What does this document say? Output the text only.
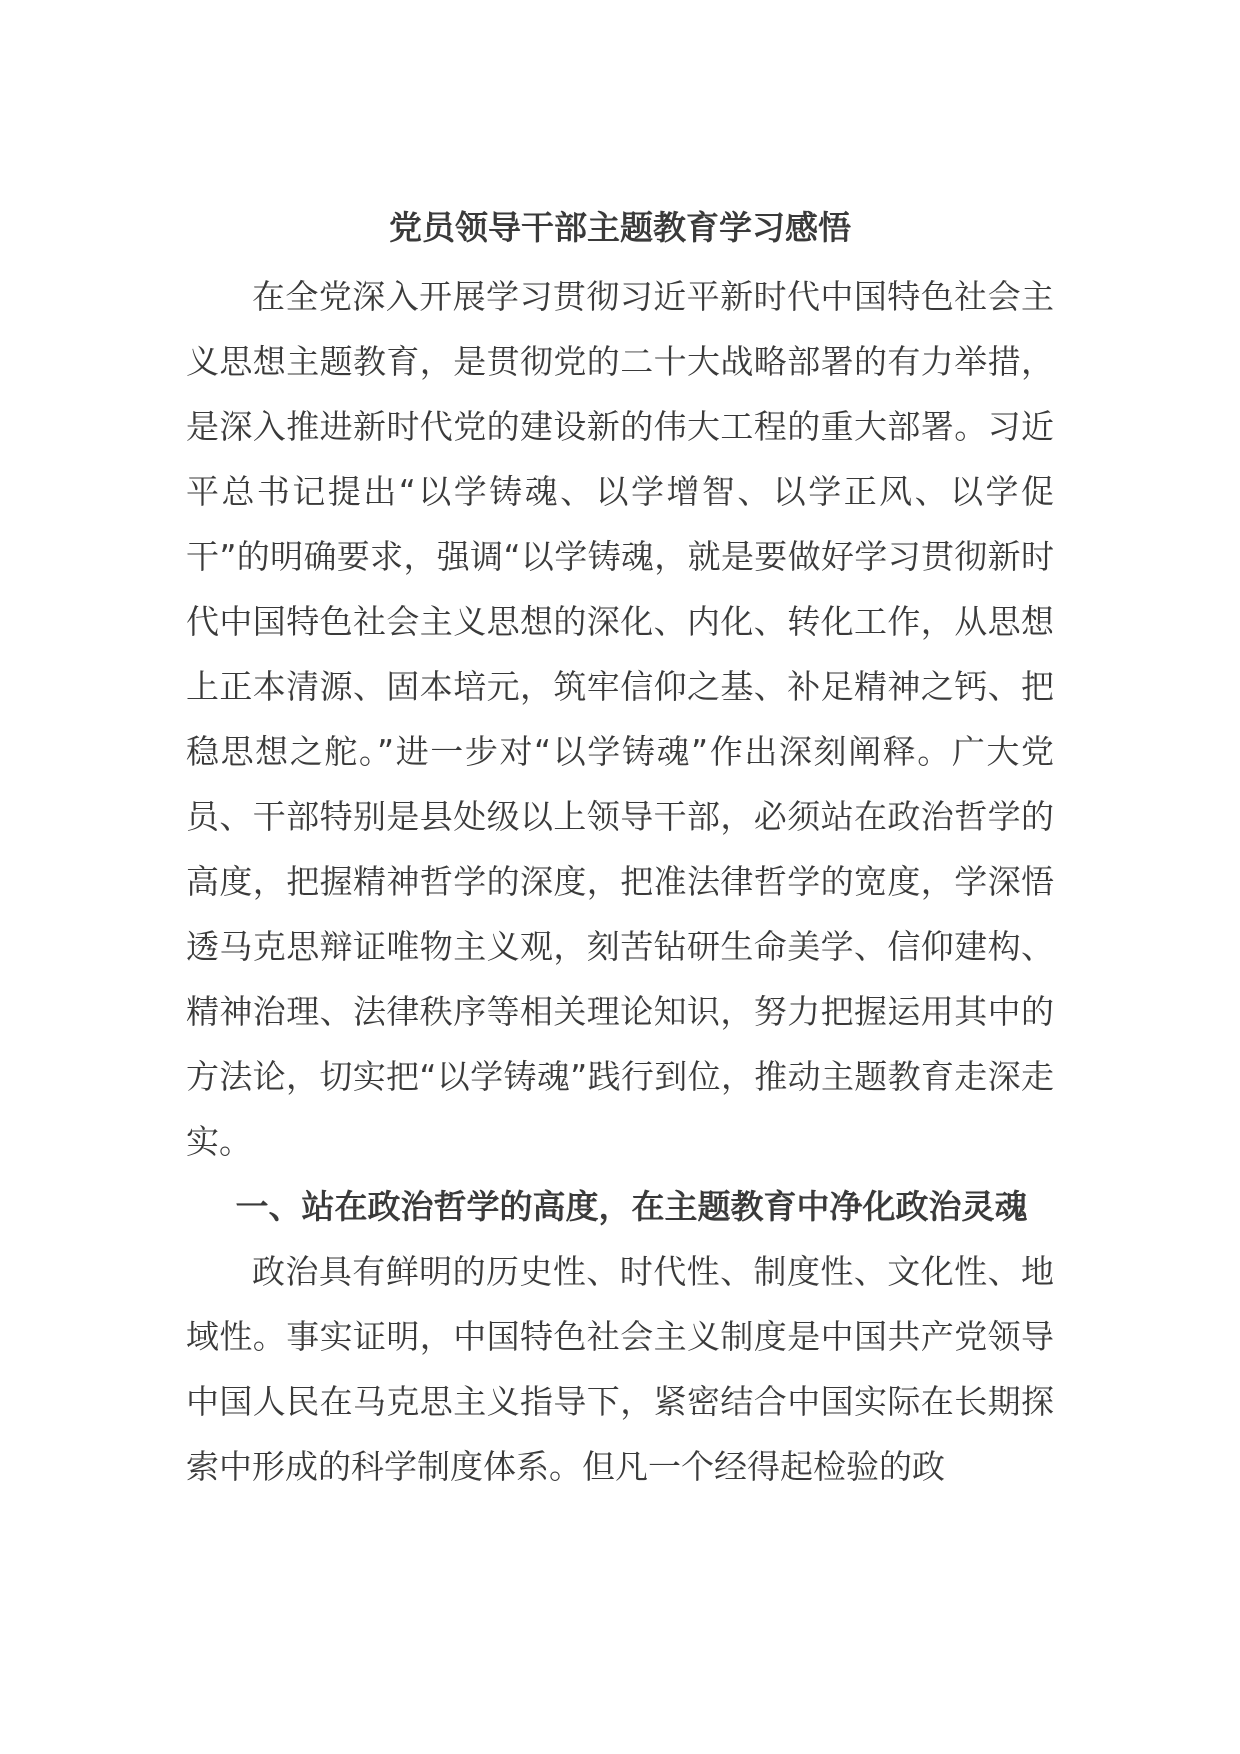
党员领导干部主题教育学习感悟

在全党深入开展学习贯彻习近平新时代中国特色社会主义思想主题教育，是贯彻党的二十大战略部署的有力举措，是深入推进新时代党的建设新的伟大工程的重大部署。习近平总书记提出“以学铸魂、以学增智、以学正风、以学促干”的明确要求，强调“以学铸魂，就是要做好学习贯彻新时代中国特色社会主义思想的深化、内化、转化工作，从思想上正本清源、固本培元，筑牢信仰之基、补足精神之钙、把稳思想之舵。”进一步对“以学铸魂”作出深刻阐释。广大党员、干部特别是县处级以上领导干部，必须站在政治哲学的高度，把握精神哲学的深度，把准法律哲学的宽度，学深悟透马克思辩证唯物主义观，刻苦钻研生命美学、信仰建构、精神治理、法律秩序等相关理论知识，努力把握运用其中的方法论，切实把“以学铸魂”践行到位，推动主题教育走深走实。

一、站在政治哲学的高度，在主题教育中净化政治灵魂

政治具有鲜明的历史性、时代性、制度性、文化性、地域性。事实证明，中国特色社会主义制度是中国共产党领导中国人民在马克思主义指导下，紧密结合中国实际在长期探索中形成的科学制度体系。但凡一个经得起检验的政
